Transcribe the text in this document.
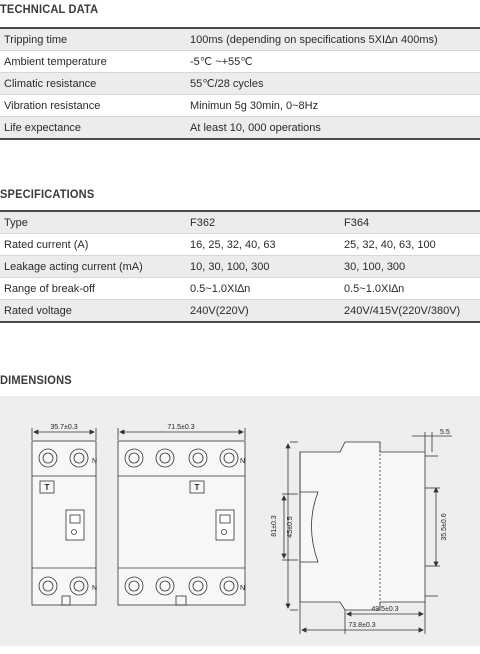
TECHNICAL DATA
Tripping time	100ms (depending on specifications 5XI∆n 400ms)
Ambient temperature	-5℃ ~+55℃
Climatic resistance	55℃/28 cycles
Vibration resistance	Minimun 5g 30min, 0~8Hz
Life expectance	At least 10, 000 operations
SPECIFICATIONS
Type	F362	F364
Rated current (A)	16, 25, 32, 40, 63	25, 32, 40, 63, 100
Leakage acting current (mA)	10, 30, 100, 300	30, 100, 300
Range of break-off	0.5~1.0XI∆n	0.5~1.0XI∆n
Rated voltage	240V(220V)	240V/415V(220V/380V)
DIMENSIONS
35.7±0.3	71.5±0.3
N
N
N
N
T	T
5.5
81±0.3 45±0.5	35.5±0.6
49.5±0.3
73.8±0.3
